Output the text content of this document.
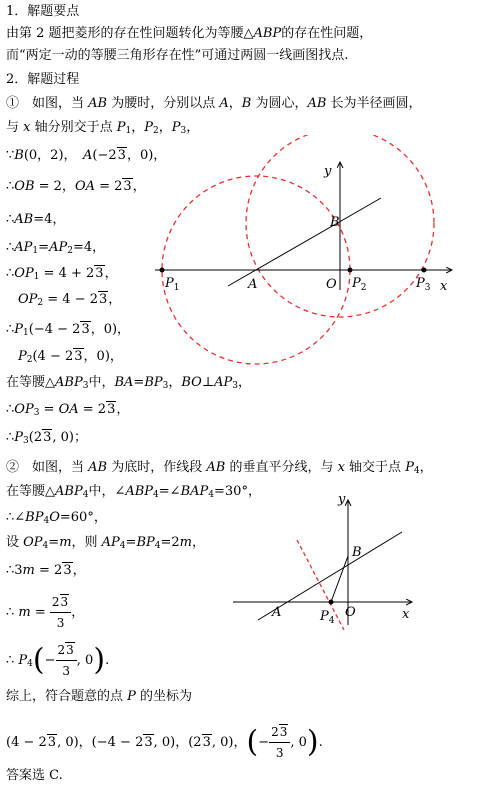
1．解题要点
由第 2 题把菱形的存在性问题转化为等腰△ABP的存在性问题，
而“两定一动的等腰三角形存在性”可通过两圆一线画图找点.
2．解题过程
①　如图，当 AB 为腰时，分别以点 A，B 为圆心，AB 长为半径画圆，
与 x 轴分别交于点 $P_1$，$P_2$，$P_3$，
∵B(0，2)，　A(−23，0)，
∴OB = 2，OA = 23，
∴AB=4，
$\therefore AP_1=AP_2=4$，
$\therefore OP_1 = 4 + 23$，
$OP_2 = 4 - 23$，
$\therefore P_1(-4 - 23$，0)，
$P_2(4 - 23$，0)，
在等腰$\triangle ABP_3$中，$BA=BP_3$，$BO\perp AP_3$，
$\therefore OP_3$ = OA = 23，
$\therefore P_3(23$, 0)；
②　如图，当 AB 为底时，作线段 AB 的垂直平分线，与 x 轴交于点 $P_4$，
在等腰$\triangle ABP_4$中，$\angle ABP_4=\angle BAP_4=30^\circ$，
$\therefore\angle BP_4O=60^\circ$，
设 $OP_4=m$，则 $AP_4=BP_4=2m$，
∴3m = 23，
∴ $m = \frac{23}{3}$ ，
∴ $P_4(- \frac{23}{3}$ , 0).
综上，符合题意的点 P 的坐标为
(4 − 23, 0)，(−4 − 23, 0)，(23, 0)，(− $\frac{23}{3}$ , 0).
答案选 C.
y
x
B
A	O
$P_1$	$P_2$	$P_3$
y
x
B
A	O
$P_4$
